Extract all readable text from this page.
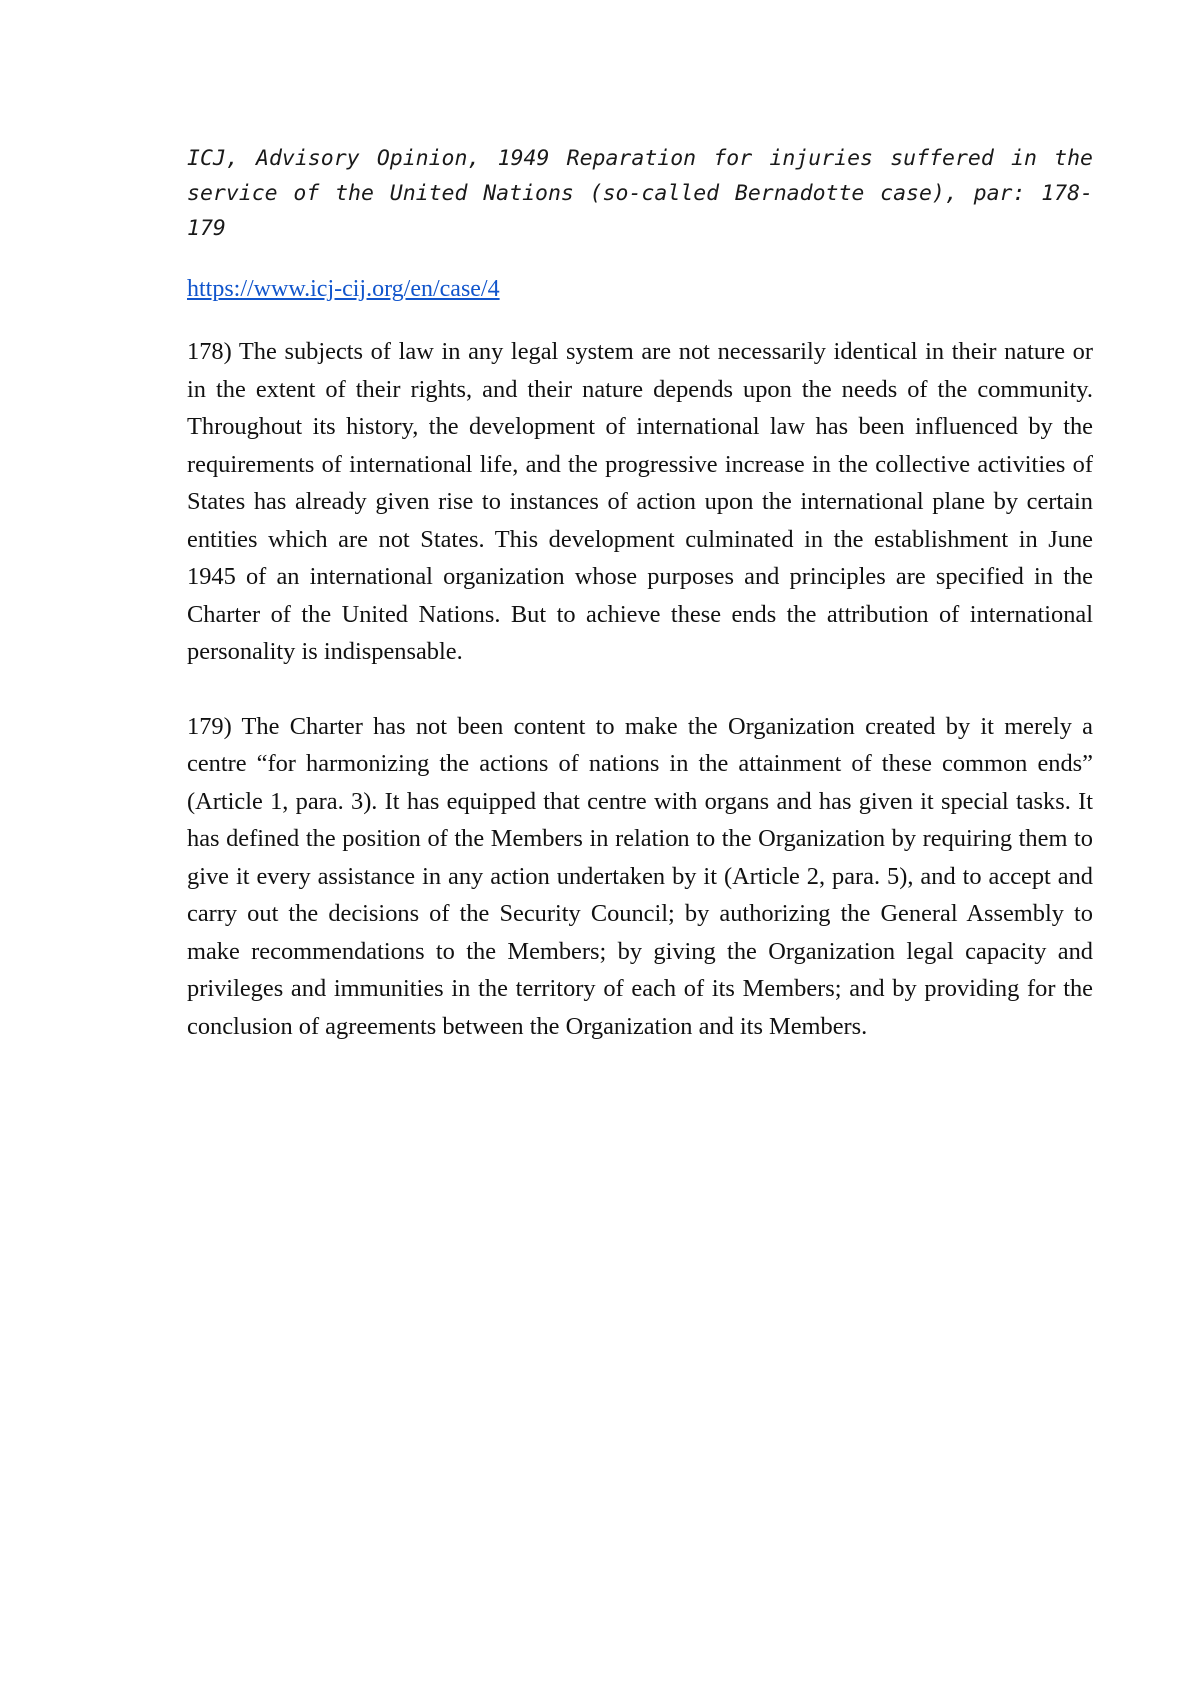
ICJ, Advisory Opinion, 1949 Reparation for injuries suffered in the service of the United Nations (so-called Bernadotte case), par: 178-179

https://www.icj-cij.org/en/case/4

178) The subjects of law in any legal system are not necessarily identical in their nature or in the extent of their rights, and their nature depends upon the needs of the community. Throughout its history, the development of international law has been influenced by the requirements of international life, and the progressive increase in the collective activities of States has already given rise to instances of action upon the international plane by certain entities which are not States. This development culminated in the establishment in June 1945 of an international organization whose purposes and principles are specified in the Charter of the United Nations. But to achieve these ends the attribution of international personality is indispensable.

179) The Charter has not been content to make the Organization created by it merely a centre “for harmonizing the actions of nations in the attainment of these common ends” (Article 1, para. 3). It has equipped that centre with organs and has given it special tasks. It has defined the position of the Members in relation to the Organization by requiring them to give it every assistance in any action undertaken by it (Article 2, para. 5), and to accept and carry out the decisions of the Security Council; by authorizing the General Assembly to make recommendations to the Members; by giving the Organization legal capacity and privileges and immunities in the territory of each of its Members; and by providing for the conclusion of agreements between the Organization and its Members.
